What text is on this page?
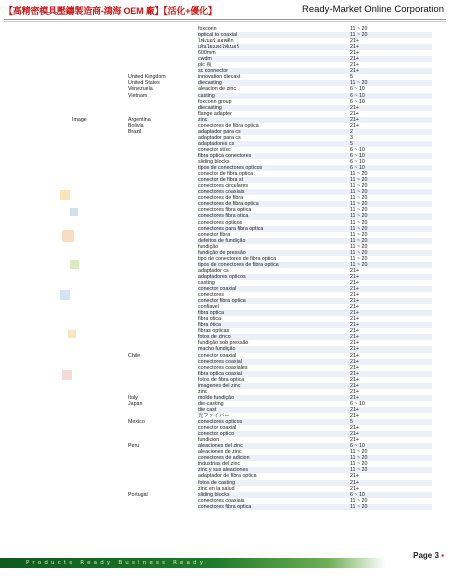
【高精密模具壓鑄製造商-鴻海 OEM 廠】【活化+優化】	Ready-Market Online Corporation
		foxconn	11 ~ 20
		optical to coaxial	11 ~ 20
		ไฟเบอร์ ออพติก	21+
		เส้นใยแสงไฟเบอร์	21+
		600mm	21+
		cwdm	21+
		plc 複	21+
		sc connector	21+
	United Kingdom	innovation diecast	5
	United States	diecasting	11 ~ 20
	Venezuela	aleacion de zinc	6 ~ 10
	Vietnam	casting	6 ~ 10
		foxconn group	6 ~ 10
		diecasting	21+
		flange adapter	21+
Image	Argentina	zinc	21+
	Bolivia	conectores de fibra optica	21+
	Brazil	adaptador para cs	2
		adaptador para cs	3
		adaptadores cs	5
		conector st/sc	6 ~ 10
		fibra optica conectores	6 ~ 10
		sliding blocks	6 ~ 10
		tipos de conectores opticos	6 ~ 10
		conector de fibra optica	11 ~ 20
		conector de fibra st	11 ~ 20
		conectores circulares	11 ~ 20
		conectores coaxiais	11 ~ 20
		conectores de fibra	11 ~ 20
		conectores de fibra optica	11 ~ 20
		conectores fibra optica	11 ~ 20
		conectores fibra otica	11 ~ 20
		conectores opticos	11 ~ 20
		conectores para fibra optica	11 ~ 20
		conector fibra	11 ~ 20
		defeitos de fundição	11 ~ 20
		fundição	11 ~ 20
		fundição de pressão	11 ~ 20
		tipo de conectores de fibra optica	11 ~ 20
		tipos de conectores de fibra optica	11 ~ 20
		adaptador cs	21+
		adaptadores opticos	21+
		casting	21+
		conector coaxial	21+
		conectores	21+
		conector fibra optica	21+
		confiavel	21+
		fibra optica	21+
		fibra otica	21+
		fibra ótica	21+
		fibras opticas	21+
		fotos de zinco	21+
		fundição sob pressão	21+
		macho fundição	21+
	Chile	conector coaxial	21+
		conectores coaxial	21+
		conectores coaxiales	21+
		fibra optica coaxial	21+
		fotos de fibra optica	21+
		imagenes del zinc	21+
		zinc	21+
	Italy	molde fundição	21+
	Japan	die-casting	6 ~ 10
		die cast	21+
		光ファイバー	21+
	Mexico	conectores opticos	5
		conector coaxial	21+
		conector optico	21+
		fundicion	21+
	Peru	aleaciones del zinc	6 ~ 10
		aleaciones de zinc	11 ~ 20
		conectores de adicion	11 ~ 20
		industrias del zinc	11 ~ 20
		zinc y sus aleaciones	11 ~ 20
		adaptador de fibra optica	21+
		fotos de casting	21+
		zinc en la salud	21+
	Portugal	sliding blocks	6 ~ 10
		conectores coaxiais	11 ~ 20
		conectores fibra optica	11 ~ 20
Products Ready Business Ready
Page 3 ▪
